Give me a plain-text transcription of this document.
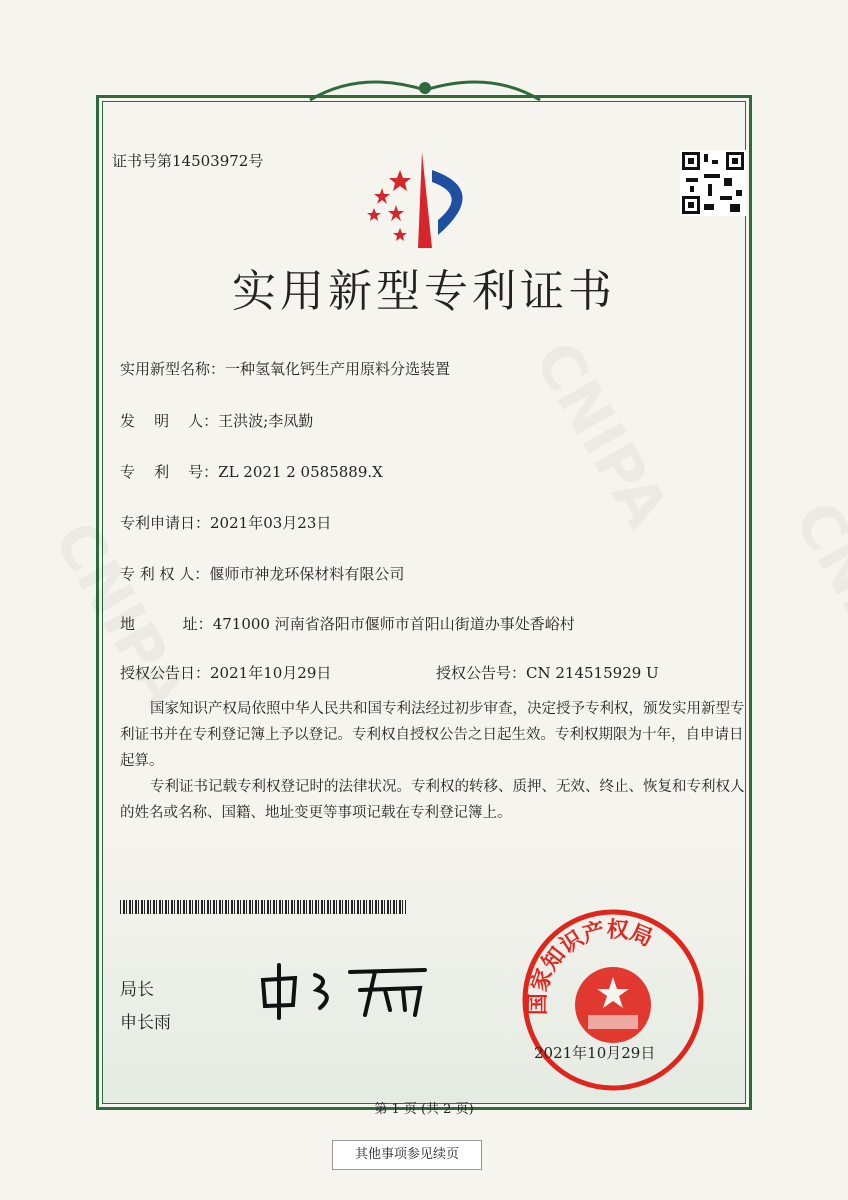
证书号第14503972号
实用新型专利证书
实用新型名称：一种氢氧化钙生产用原料分选装置
发    明    人：王洪波;李凤勤
专    利    号：ZL 2021 2 0585889.X
专利申请日：2021年03月23日
专 利 权 人：偃师市神龙环保材料有限公司
地          址：471000 河南省洛阳市偃师市首阳山街道办事处香峪村
授权公告日：2021年10月29日	授权公告号：CN 214515929 U
国家知识产权局依照中华人民共和国专利法经过初步审查，决定授予专利权，颁发实用新型专利证书并在专利登记簿上予以登记。专利权自授权公告之日起生效。专利权期限为十年，自申请日起算。
专利证书记载专利权登记时的法律状况。专利权的转移、质押、无效、终止、恢复和专利权人的姓名或名称、国籍、地址变更等事项记载在专利登记簿上。
局长
申长雨
国家知识产权局
2021年10月29日
第 1 页 (共 2 页)
其他事项参见续页
